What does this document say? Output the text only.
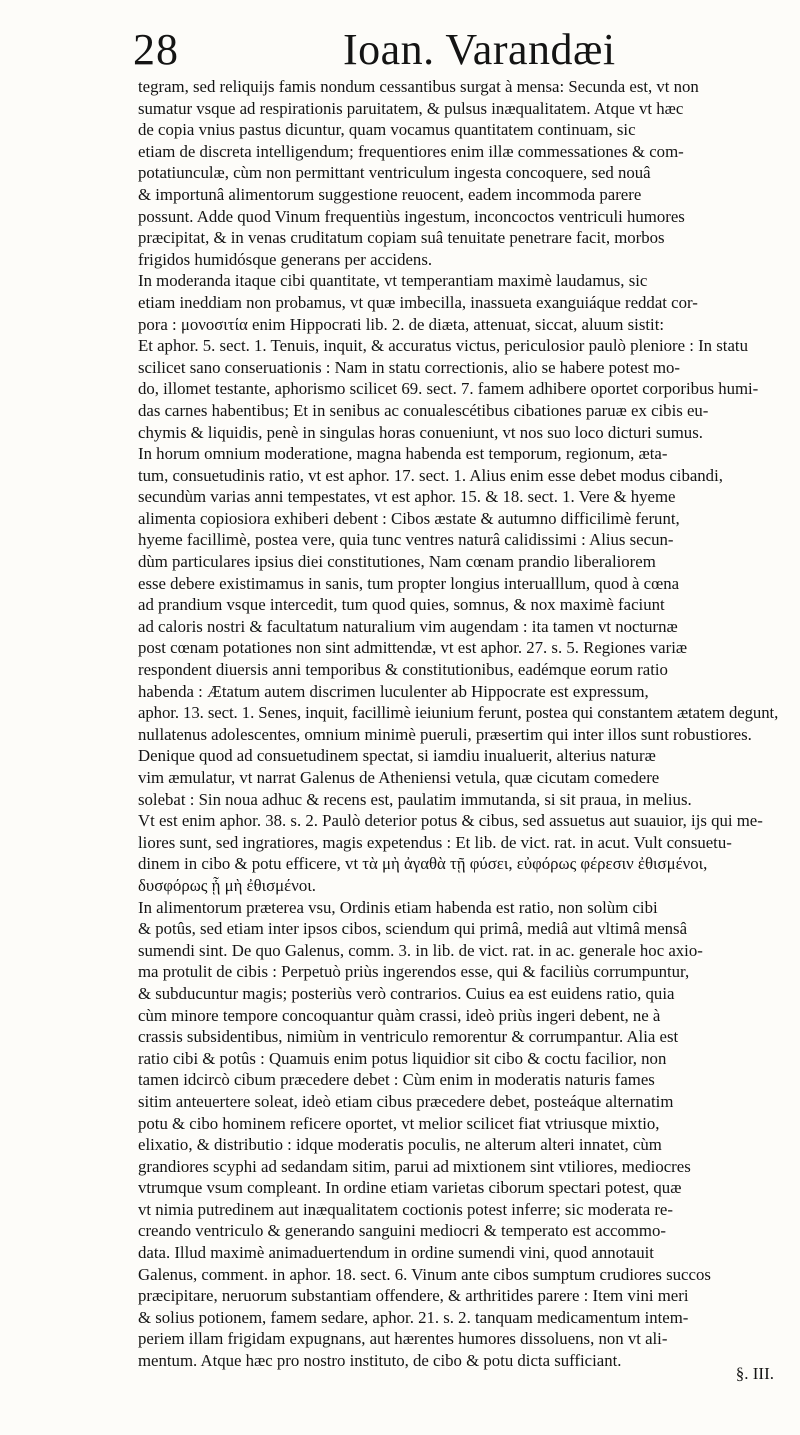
28	Ioan. Varandæi
tegram, sed reliquijs famis nondum cessantibus surgat à mensa: Secunda est, vt non
sumatur vsque ad respirationis paruitatem, & pulsus inæqualitatem. Atque vt hæc
de copia vnius pastus dicuntur, quam vocamus quantitatem continuam, sic
etiam de discreta intelligendum; frequentiores enim illæ commessationes & com-
potatiunculæ, cùm non permittant ventriculum ingesta concoquere, sed nouâ
& importunâ alimentorum suggestione reuocent, eadem incommoda parere
possunt. Adde quod Vinum frequentiùs ingestum, inconcoctos ventriculi humores
præcipitat, & in venas cruditatum copiam suâ tenuitate penetrare facit, morbos
frigidos humidósque generans per accidens.
In moderanda itaque cibi quantitate, vt temperantiam maximè laudamus, sic
etiam ineddiam non probamus, vt quæ imbecilla, inassueta exanguiáque reddat cor-
pora : μονοσιτία enim Hippocrati lib. 2. de diæta, attenuat, siccat, aluum sistit:
Et aphor. 5. sect. 1. Tenuis, inquit, & accuratus victus, periculosior paulò pleniore : In statu
scilicet sano conseruationis : Nam in statu correctionis, alio se habere potest mo-
do, illomet testante, aphorismo scilicet 69. sect. 7. famem adhibere oportet corporibus humi-
das carnes habentibus; Et in senibus ac conualescétibus cibationes paruæ ex cibis eu-
chymis & liquidis, penè in singulas horas conueniunt, vt nos suo loco dicturi sumus.
In horum omnium moderatione, magna habenda est temporum, regionum, æta-
tum, consuetudinis ratio, vt est aphor. 17. sect. 1. Alius enim esse debet modus cibandi,
secundùm varias anni tempestates, vt est aphor. 15. & 18. sect. 1. Vere & hyeme
alimenta copiosiora exhiberi debent : Cibos æstate & autumno difficilimè ferunt,
hyeme facillimè, postea vere, quia tunc ventres naturâ calidissimi : Alius secun-
dùm particulares ipsius diei constitutiones, Nam cœnam prandio liberaliorem
esse debere existimamus in sanis, tum propter longius interualllum, quod à cœna
ad prandium vsque intercedit, tum quod quies, somnus, & nox maximè faciunt
ad caloris nostri & facultatum naturalium vim augendam : ita tamen vt nocturnæ
post cœnam potationes non sint admittendæ, vt est aphor. 27. s. 5. Regiones variæ
respondent diuersis anni temporibus & constitutionibus, eadémque eorum ratio
habenda : Ætatum autem discrimen luculenter ab Hippocrate est expressum,
aphor. 13. sect. 1. Senes, inquit, facillimè ieiunium ferunt, postea qui constantem ætatem degunt,
nullatenus adolescentes, omnium minimè pueruli, præsertim qui inter illos sunt robustiores.
Denique quod ad consuetudinem spectat, si iamdiu inualuerit, alterius naturæ
vim æmulatur, vt narrat Galenus de Atheniensi vetula, quæ cicutam comedere
solebat : Sin noua adhuc & recens est, paulatim immutanda, si sit praua, in melius.
Vt est enim aphor. 38. s. 2. Paulò deterior potus & cibus, sed assuetus aut suauior, ijs qui me-
liores sunt, sed ingratiores, magis expetendus : Et lib. de vict. rat. in acut. Vult consuetu-
dinem in cibo & potu efficere, vt τὰ μὴ ἀγαθὰ τῇ φύσει, εὐφόρως φέρεσιν ἐθισμένοι,
δυσφόρως ᾗ μὴ ἐθισμένοι.
In alimentorum præterea vsu, Ordinis etiam habenda est ratio, non solùm cibi
& potûs, sed etiam inter ipsos cibos, sciendum qui primâ, mediâ aut vltimâ mensâ
sumendi sint. De quo Galenus, comm. 3. in lib. de vict. rat. in ac. generale hoc axio-
ma protulit de cibis : Perpetuò priùs ingerendos esse, qui & faciliùs corrumpuntur,
& subducuntur magis; posteriùs verò contrarios. Cuius ea est euidens ratio, quia
cùm minore tempore concoquantur quàm crassi, ideò priùs ingeri debent, ne à
crassis subsidentibus, nimiùm in ventriculo remorentur & corrumpantur. Alia est
ratio cibi & potûs : Quamuis enim potus liquidior sit cibo & coctu facilior, non
tamen idcircò cibum præcedere debet : Cùm enim in moderatis naturis fames
sitim anteuertere soleat, ideò etiam cibus præcedere debet, posteáque alternatim
potu & cibo hominem reficere oportet, vt melior scilicet fiat vtriusque mixtio,
elixatio, & distributio : idque moderatis poculis, ne alterum alteri innatet, cùm
grandiores scyphi ad sedandam sitim, parui ad mixtionem sint vtiliores, mediocres
vtrumque vsum compleant. In ordine etiam varietas ciborum spectari potest, quæ
vt nimia putredinem aut inæqualitatem coctionis potest inferre; sic moderata re-
creando ventriculo & generando sanguini mediocri & temperato est accommo-
data. Illud maximè animaduertendum in ordine sumendi vini, quod annotauit
Galenus, comment. in aphor. 18. sect. 6. Vinum ante cibos sumptum crudiores succos
præcipitare, neruorum substantiam offendere, & arthritides parere : Item vini meri
& solius potionem, famem sedare, aphor. 21. s. 2. tanquam medicamentum intem-
periem illam frigidam expugnans, aut hærentes humores dissoluens, non vt ali-
mentum. Atque hæc pro nostro instituto, de cibo & potu dicta sufficiant.
§. III.
